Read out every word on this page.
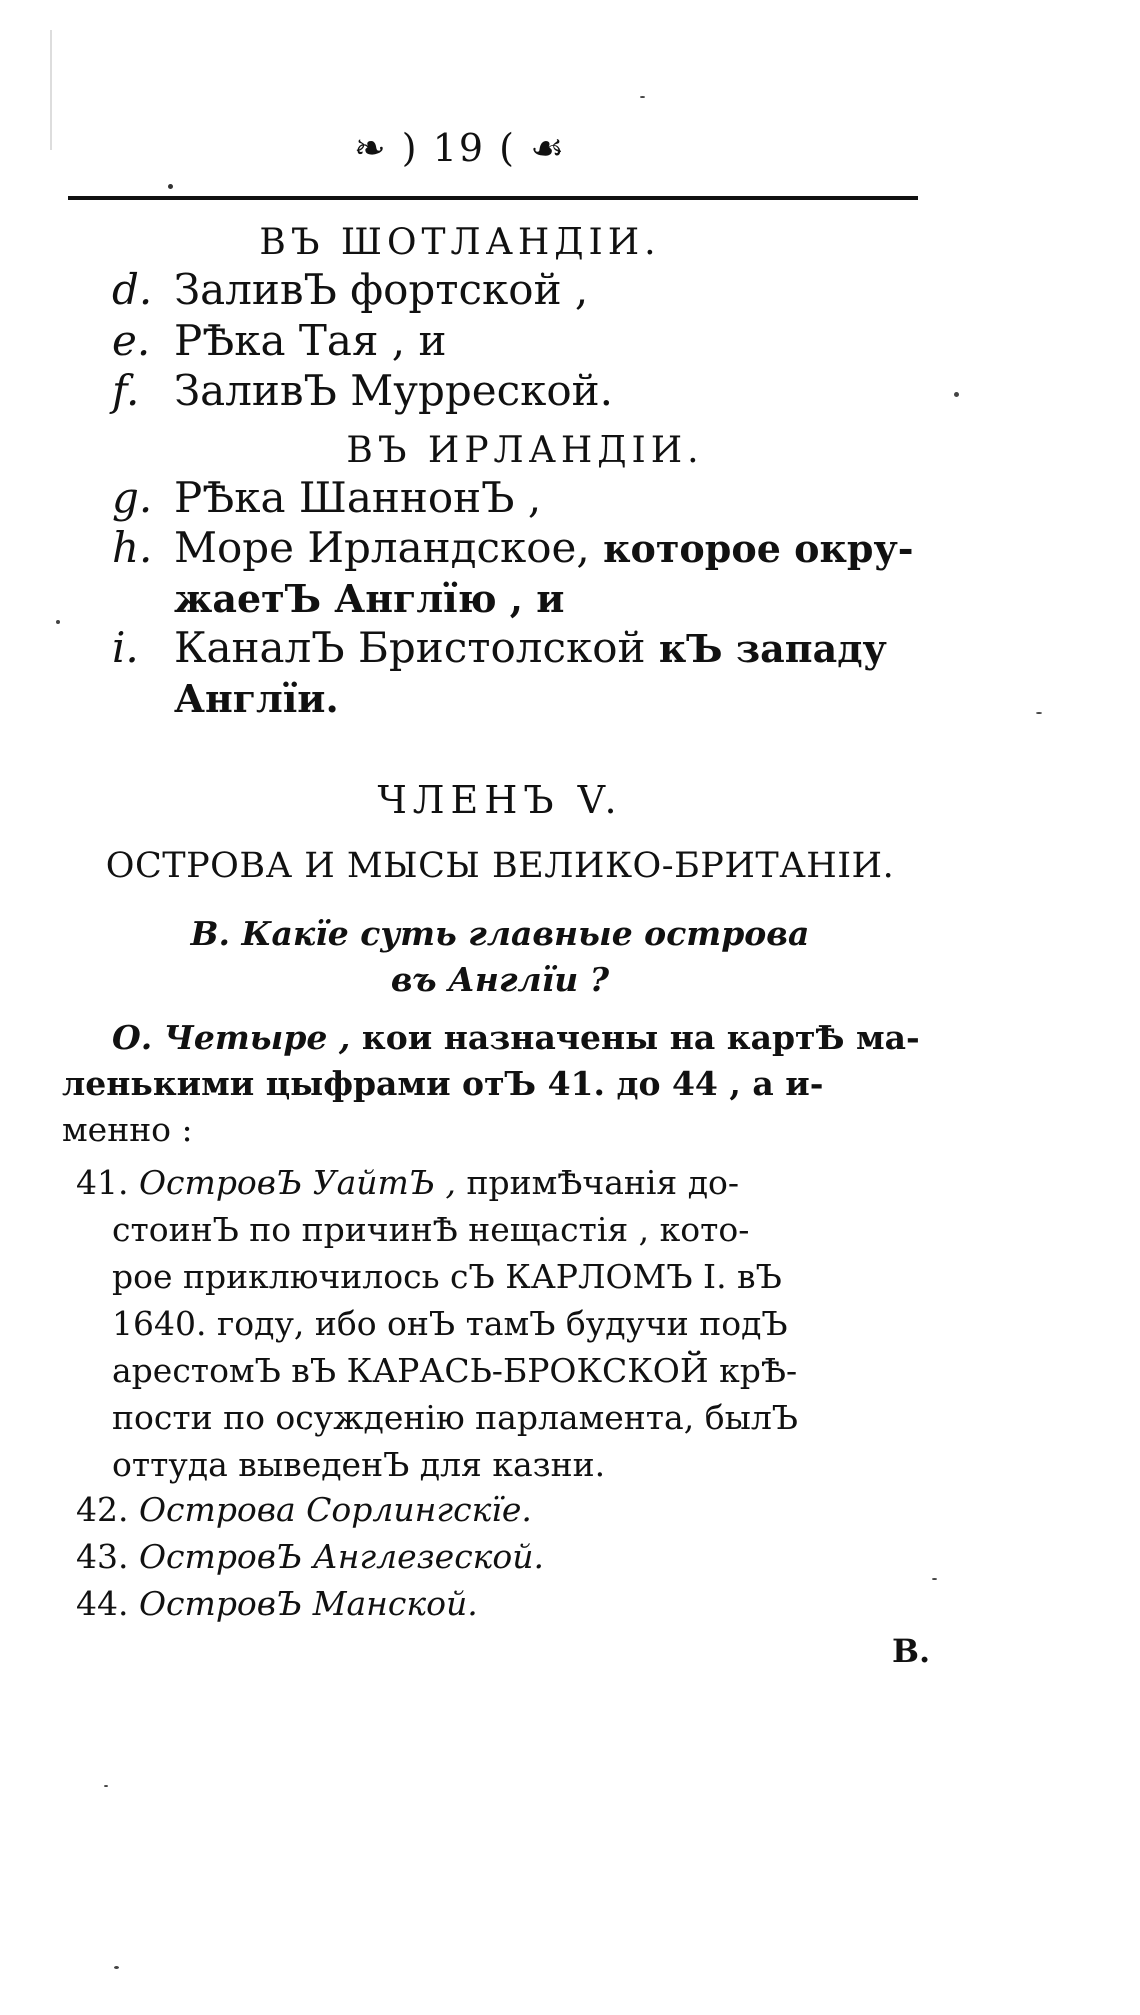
❧ ) 19 ( ☙
ВЪ ШОТЛАНДІИ.
d. ЗаливЪ фортской ,
e. РѢка Тая , и
f. ЗаливЪ Мурреской.
ВЪ ИРЛАНДІИ.
g. РѢка ШаннонЪ ,
h. Море Ирландское, которое окру-
жаетЪ Англїю , и
i. КаналЪ Бристолской кЪ западу
Англїи.
ЧЛЕНЪ V.
ОСТРОВА И МЫСЫ ВЕЛИКО-БРИТАНІИ.
В. Какїе суть главные острова
въ Англїи ?
О. Четыре , кои назначены на картѢ ма-
ленькими цыфрами отЪ 41. до 44 , а и-
менно :
41. ОстровЪ УайтЪ , примѢчанія до-
стоинЪ по причинѢ нещастія , кото-
рое приключилось сЪ КАРЛОМЪ I. вЪ
1640. году, ибо онЪ тамЪ будучи подЪ
арестомЪ вЪ КАРАСЬ-БРОКСКОЙ крѢ-
пости по осужденію парламента, былЪ
оттуда выведенЪ для казни.
42. Острова Сорлингскїе.
43. ОстровЪ Англезеской.
44. ОстровЪ Манской.
В.
